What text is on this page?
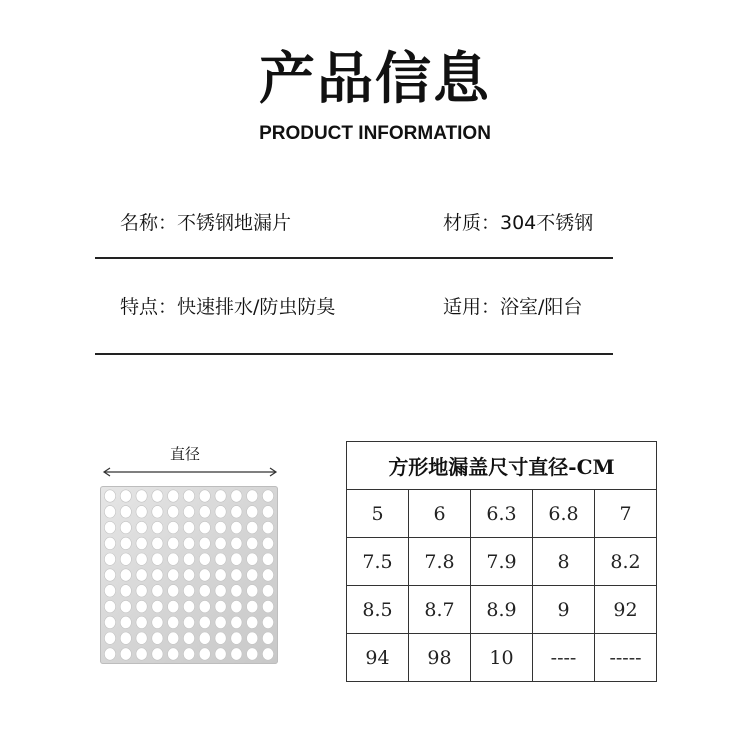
产品信息
PRODUCT INFORMATION
名称：不锈钢地漏片	材质：304不锈钢
特点：快速排水/防虫防臭	适用：浴室/阳台
直径
方形地漏盖尺寸直径-CM				
5	6	6.3	6.8	7
7.5	7.8	7.9	8	8.2
8.5	8.7	8.9	9	92
94	98	10	----	-----
